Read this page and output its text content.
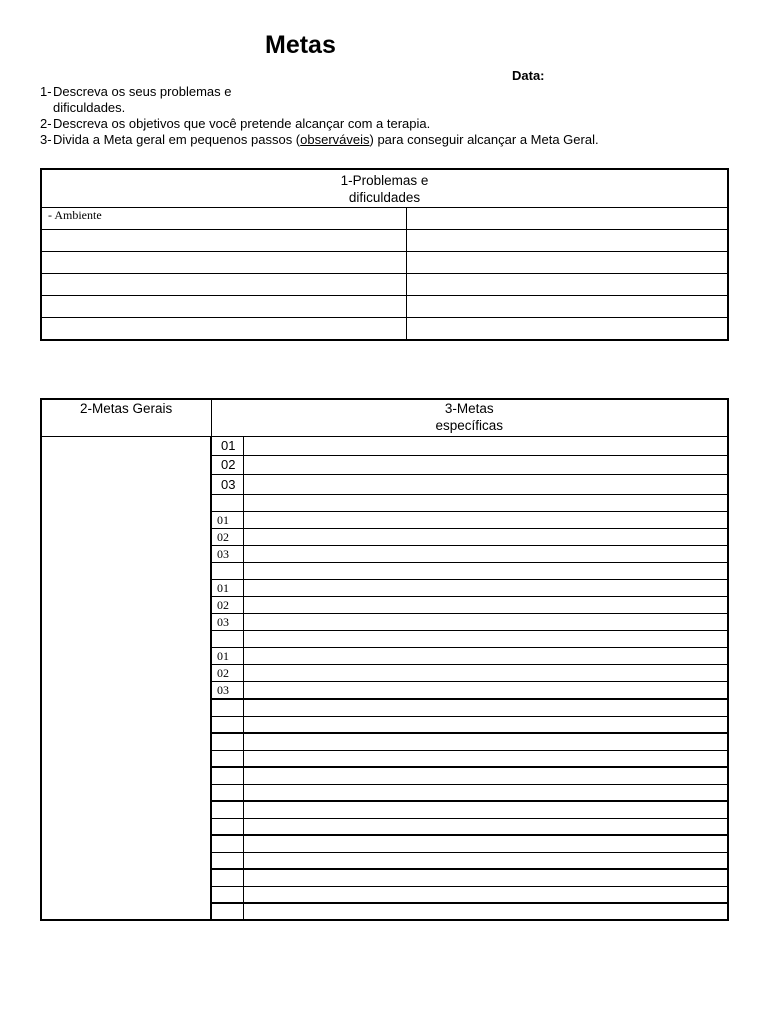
Metas
Data:
1- Descreva os seus problemas e
dificuldades.
2- Descreva os objetivos que você pretende alcançar com a terapia.
3- Divida a Meta geral em pequenos passos (observáveis) para conseguir alcançar a Meta Geral.
1-Problemas e
dificuldades	

- Ambiente	

2-Metas Gerais	3-Metas
específicas	

	01	
	02	
	03	

	01	
	02	
	03	

	01	
	02	
	03	

	01	
	02	
	03	
